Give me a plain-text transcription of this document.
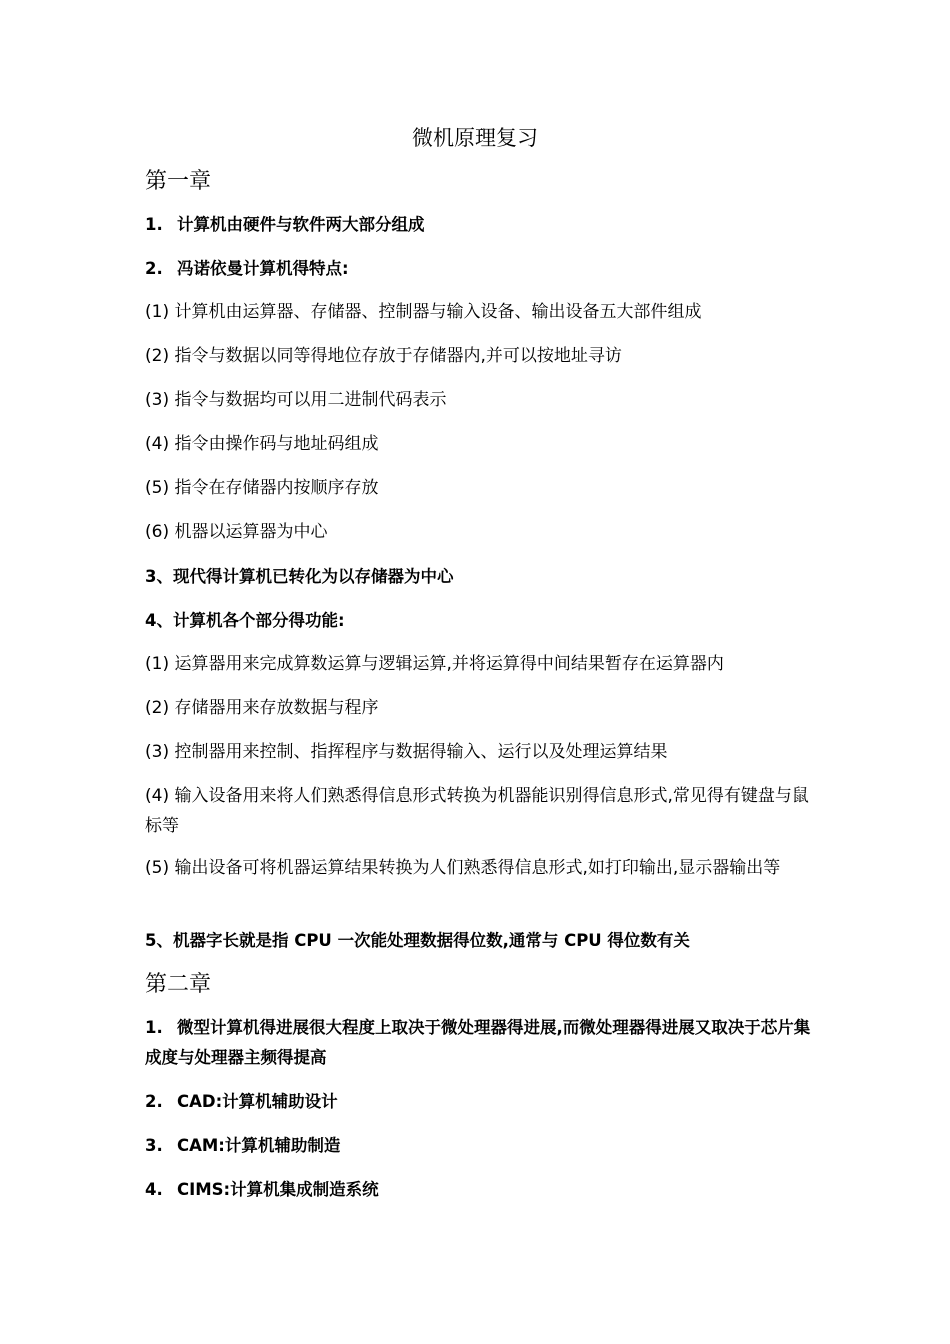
微机原理复习

第一章

1. 计算机由硬件与软件两大部分组成

2. 冯诺依曼计算机得特点:

(1) 计算机由运算器、存储器、控制器与输入设备、输出设备五大部件组成

(2) 指令与数据以同等得地位存放于存储器内,并可以按地址寻访

(3) 指令与数据均可以用二进制代码表示

(4) 指令由操作码与地址码组成

(5) 指令在存储器内按顺序存放

(6) 机器以运算器为中心

3、现代得计算机已转化为以存储器为中心

4、计算机各个部分得功能:

(1) 运算器用来完成算数运算与逻辑运算,并将运算得中间结果暂存在运算器内

(2) 存储器用来存放数据与程序

(3) 控制器用来控制、指挥程序与数据得输入、运行以及处理运算结果

(4) 输入设备用来将人们熟悉得信息形式转换为机器能识别得信息形式,常见得有键盘与鼠标等

(5) 输出设备可将机器运算结果转换为人们熟悉得信息形式,如打印输出,显示器输出等

5、机器字长就是指 CPU 一次能处理数据得位数,通常与 CPU 得位数有关

第二章

1. 微型计算机得进展很大程度上取决于微处理器得进展,而微处理器得进展又取决于芯片集成度与处理器主频得提高

2. CAD:计算机辅助设计

3. CAM:计算机辅助制造

4. CIMS:计算机集成制造系统
